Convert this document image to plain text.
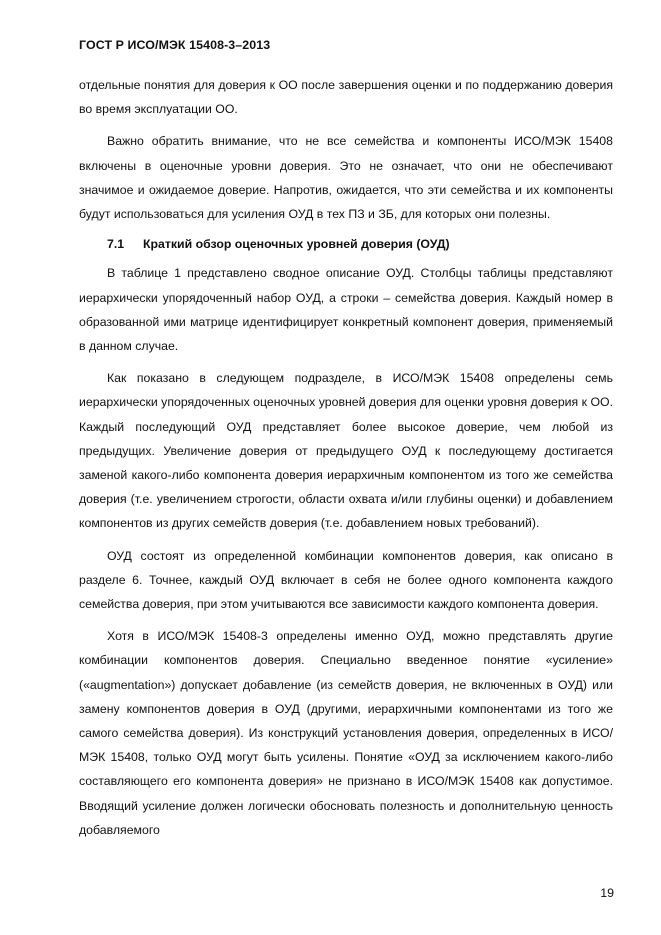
ГОСТ Р ИСО/МЭК 15408-3–2013

отдельные понятия для доверия к ОО после завершения оценки и по поддержанию доверия во время эксплуатации ОО.

Важно обратить внимание, что не все семейства и компоненты ИСО/МЭК 15408 включены в оценочные уровни доверия. Это не означает, что они не обеспечивают значимое и ожидаемое доверие. Напротив, ожидается, что эти семейства и их компоненты будут использоваться для усиления ОУД в тех ПЗ и ЗБ, для которых они полезны.

7.1 Краткий обзор оценочных уровней доверия (ОУД)

В таблице 1 представлено сводное описание ОУД. Столбцы таблицы представляют иерархически упорядоченный набор ОУД, а строки – семейства доверия. Каждый номер в образованной ими матрице идентифицирует конкретный компонент доверия, применяемый в данном случае.

Как показано в следующем подразделе, в ИСО/МЭК 15408 определены семь иерархически упорядоченных оценочных уровней доверия для оценки уровня доверия к ОО. Каждый последующий ОУД представляет более высокое доверие, чем любой из предыдущих. Увеличение доверия от предыдущего ОУД к последующему достигается заменой какого-либо компонента доверия иерархичным компонентом из того же семейства доверия (т.е. увеличением строгости, области охвата и/или глубины оценки) и добавлением компонентов из других семейств доверия (т.е. добавлением новых требований).

ОУД состоят из определенной комбинации компонентов доверия, как описано в разделе 6. Точнее, каждый ОУД включает в себя не более одного компонента каждого семейства доверия, при этом учитываются все зависимости каждого компонента доверия.

Хотя в ИСО/МЭК 15408-3 определены именно ОУД, можно представлять другие комбинации компонентов доверия. Специально введенное понятие «усиление» («augmentation») допускает добавление (из семейств доверия, не включенных в ОУД) или замену компонентов доверия в ОУД (другими, иерархичными компонентами из того же самого семейства доверия). Из конструкций установления доверия, определенных в ИСО/МЭК 15408, только ОУД могут быть усилены. Понятие «ОУД за исключением какого-либо составляющего его компонента доверия» не признано в ИСО/МЭК 15408 как допустимое. Вводящий усиление должен логически обосновать полезность и дополнительную ценность добавляемого

19
